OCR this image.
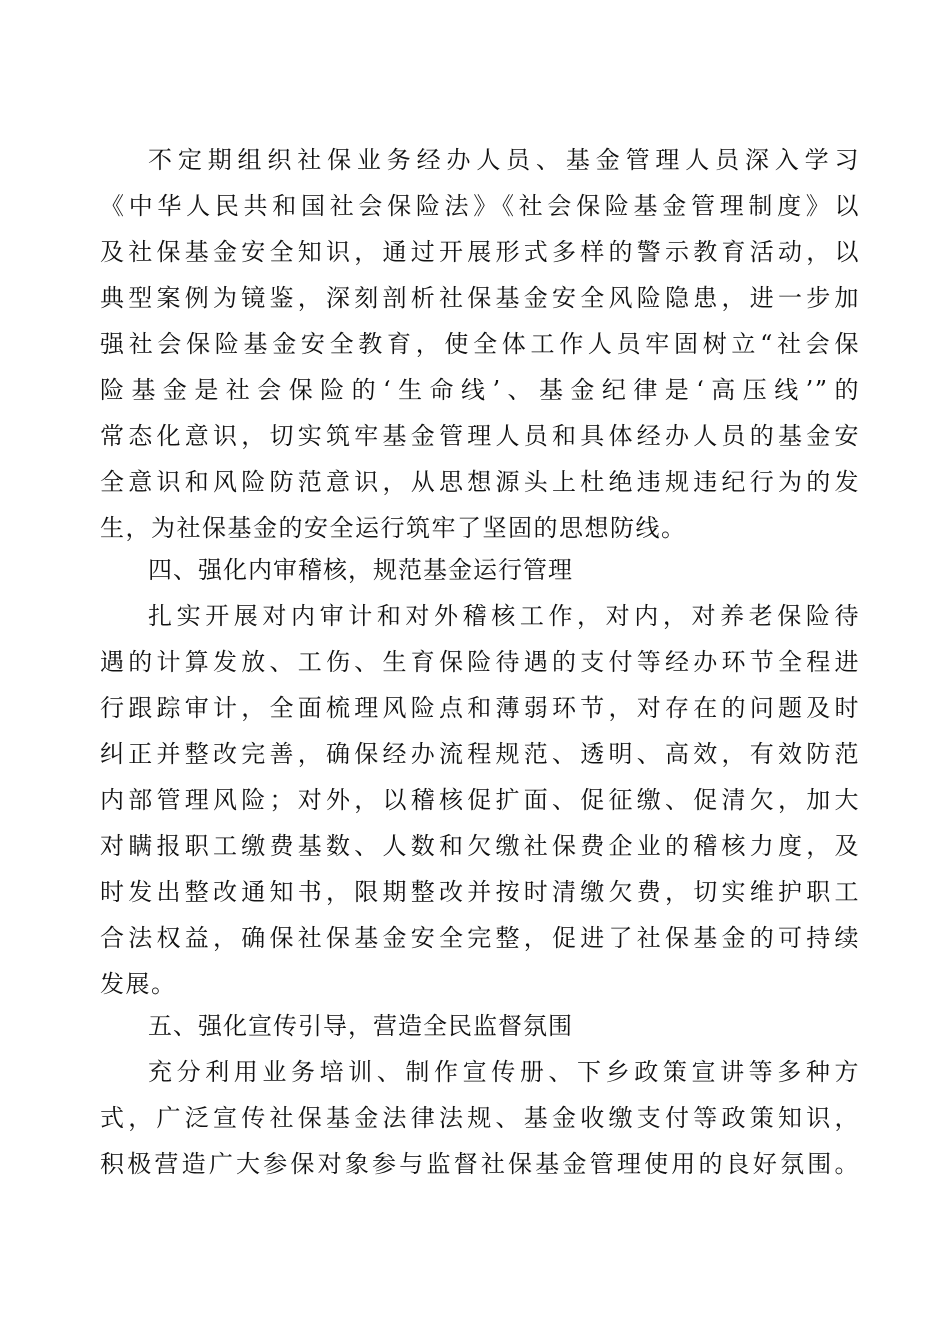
不定期组织社保业务经办人员、基金管理人员深入学习
《中华人民共和国社会保险法》《社会保险基金管理制度》以
及社保基金安全知识，通过开展形式多样的警示教育活动，以
典型案例为镜鉴，深刻剖析社保基金安全风险隐患，进一步加
强社会保险基金安全教育，使全体工作人员牢固树立“社会保
险基金是社会保险的‘生命线’、基金纪律是‘高压线’”的
常态化意识，切实筑牢基金管理人员和具体经办人员的基金安
全意识和风险防范意识，从思想源头上杜绝违规违纪行为的发
生，为社保基金的安全运行筑牢了坚固的思想防线。
四、强化内审稽核，规范基金运行管理
扎实开展对内审计和对外稽核工作，对内，对养老保险待
遇的计算发放、工伤、生育保险待遇的支付等经办环节全程进
行跟踪审计，全面梳理风险点和薄弱环节，对存在的问题及时
纠正并整改完善，确保经办流程规范、透明、高效，有效防范
内部管理风险；对外，以稽核促扩面、促征缴、促清欠，加大
对瞒报职工缴费基数、人数和欠缴社保费企业的稽核力度，及
时发出整改通知书，限期整改并按时清缴欠费，切实维护职工
合法权益，确保社保基金安全完整，促进了社保基金的可持续
发展。
五、强化宣传引导，营造全民监督氛围
充分利用业务培训、制作宣传册、下乡政策宣讲等多种方
式，广泛宣传社保基金法律法规、基金收缴支付等政策知识，
积极营造广大参保对象参与监督社保基金管理使用的良好氛围。
